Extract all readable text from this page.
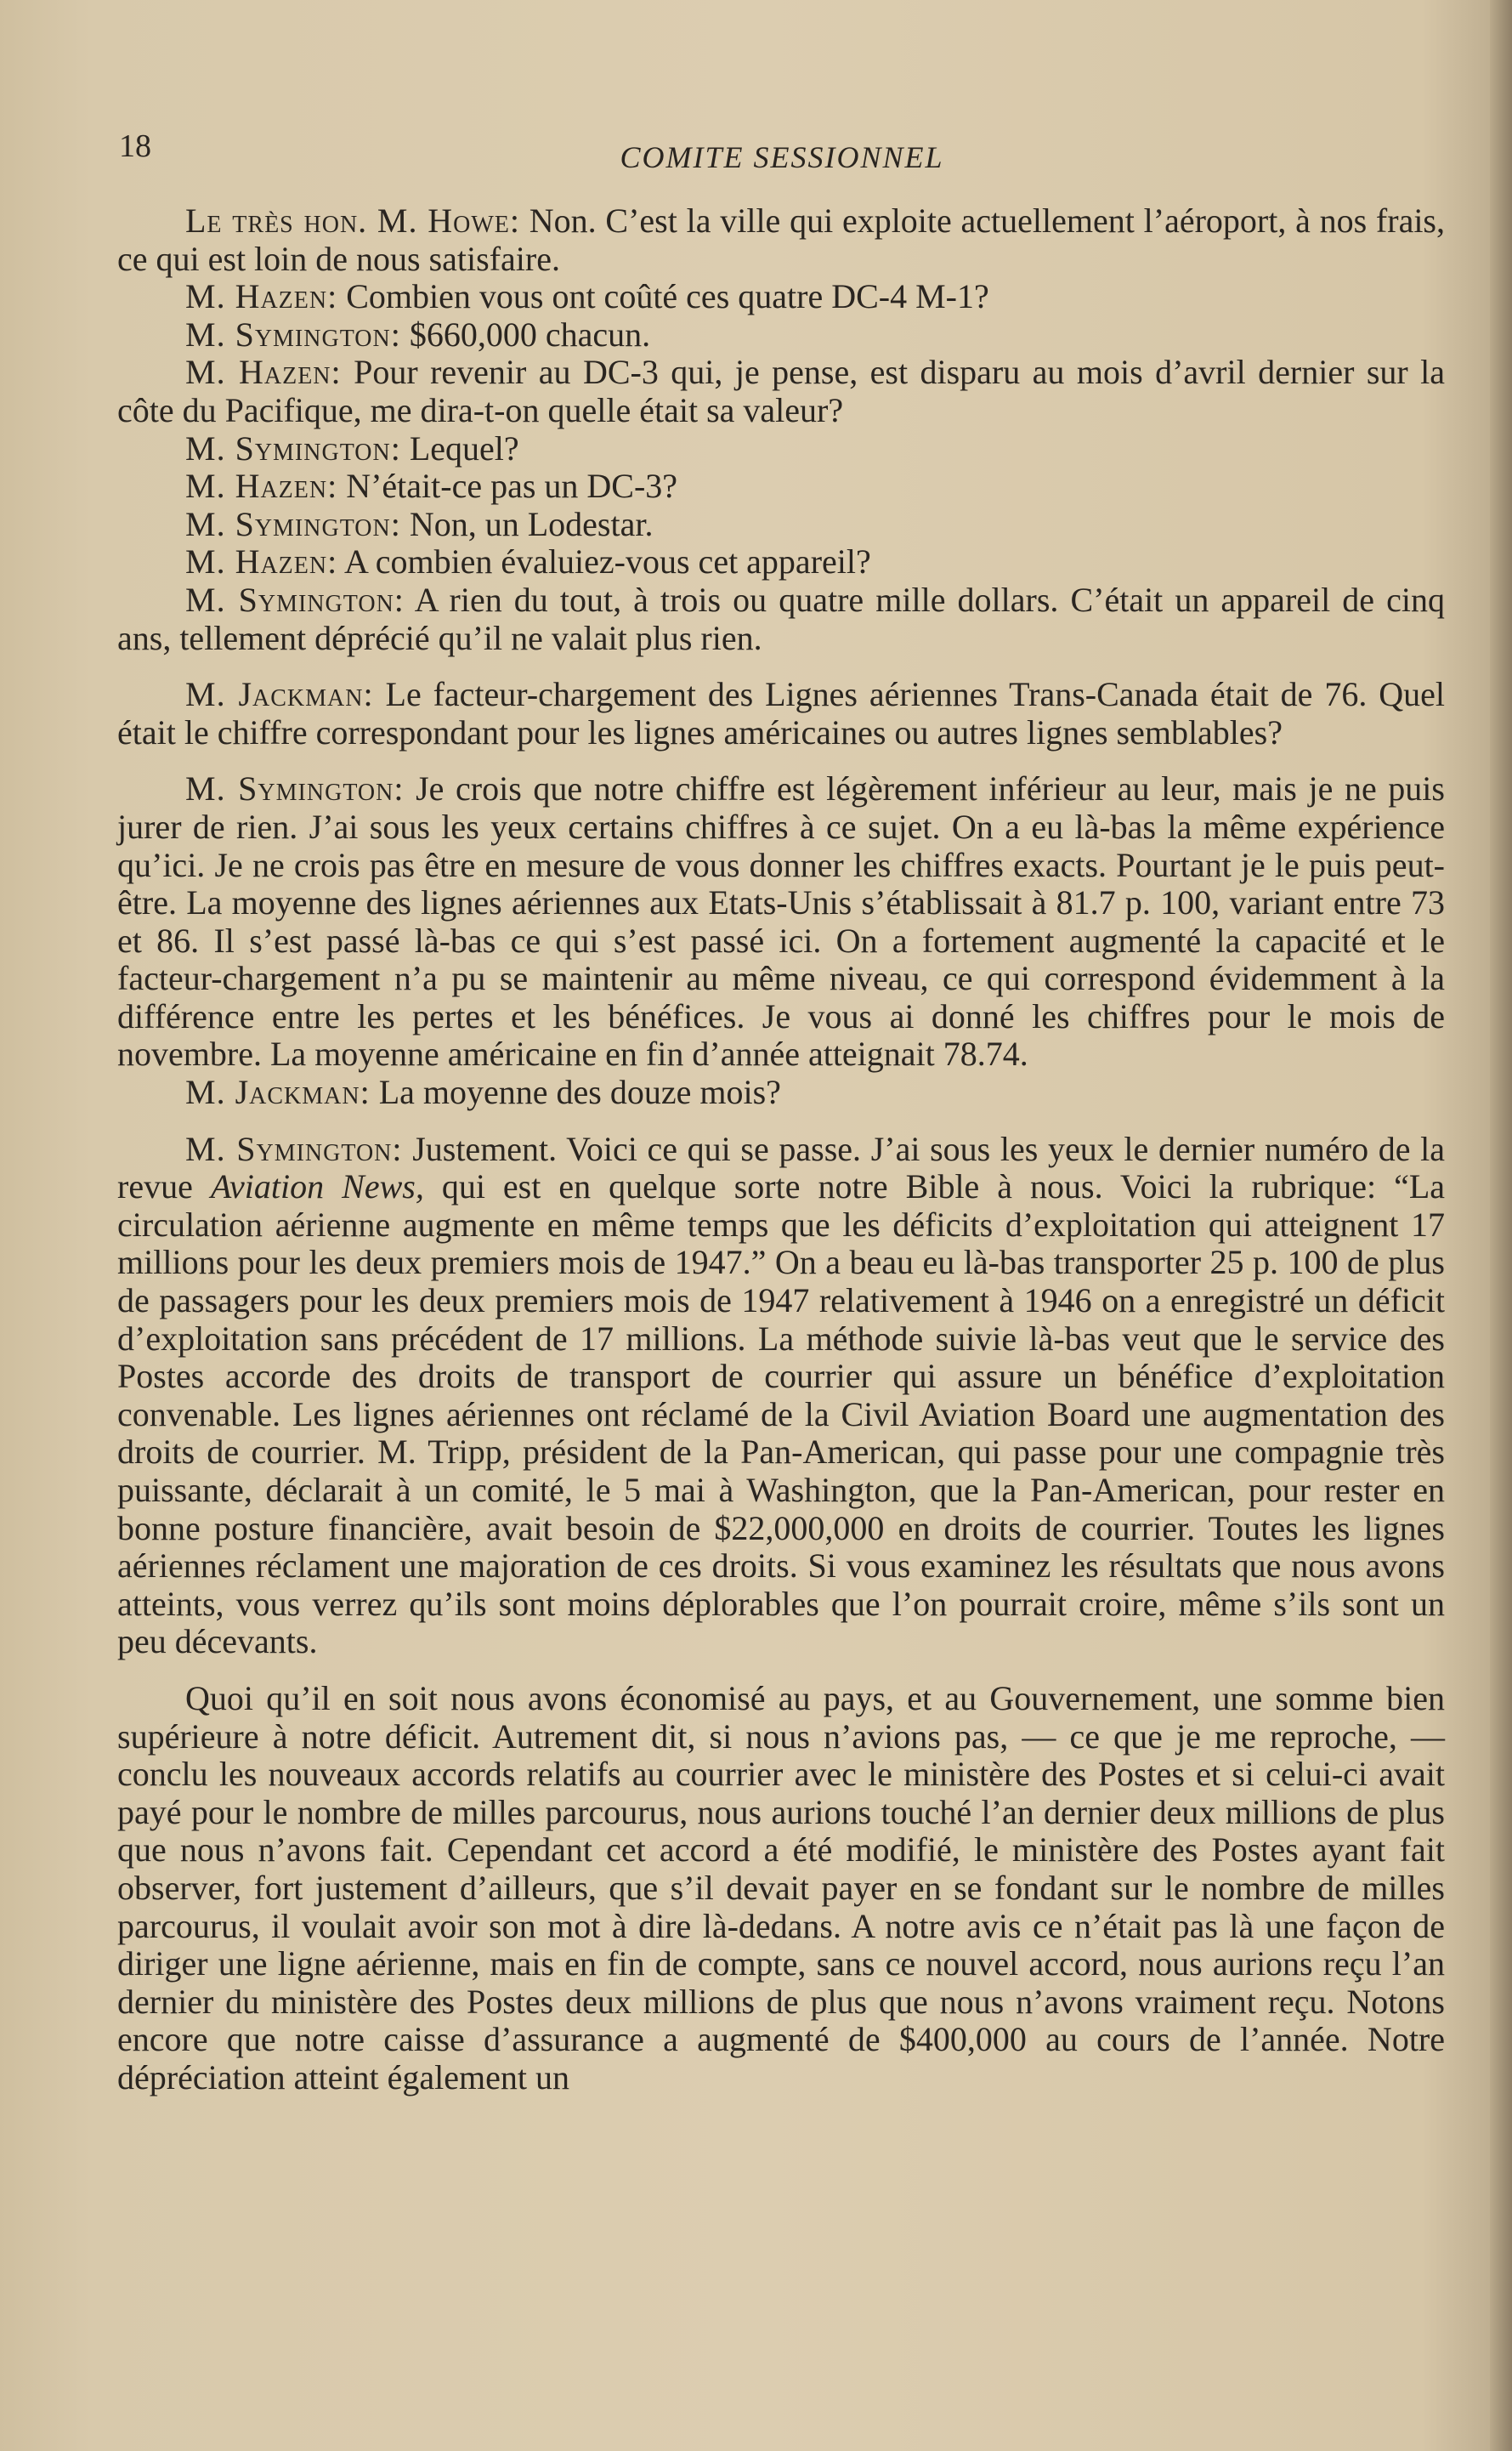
18	COMITE SESSIONNEL

Le très hon. M. Howe: Non. C’est la ville qui exploite actuellement l’aéroport, à nos frais, ce qui est loin de nous satisfaire.

M. Hazen: Combien vous ont coûté ces quatre DC-4 M-1?

M. Symington: $660,000 chacun.

M. Hazen: Pour revenir au DC-3 qui, je pense, est disparu au mois d’avril dernier sur la côte du Pacifique, me dira-t-on quelle était sa valeur?

M. Symington: Lequel?

M. Hazen: N’était-ce pas un DC-3?

M. Symington: Non, un Lodestar.

M. Hazen: A combien évaluiez-vous cet appareil?

M. Symington: A rien du tout, à trois ou quatre mille dollars. C’était un appareil de cinq ans, tellement déprécié qu’il ne valait plus rien.

M. Jackman: Le facteur-chargement des Lignes aériennes Trans-Canada était de 76. Quel était le chiffre correspondant pour les lignes américaines ou autres lignes semblables?

M. Symington: Je crois que notre chiffre est légèrement inférieur au leur, mais je ne puis jurer de rien. J’ai sous les yeux certains chiffres à ce sujet. On a eu là-bas la même expérience qu’ici. Je ne crois pas être en mesure de vous donner les chiffres exacts. Pourtant je le puis peut-être. La moyenne des lignes aériennes aux Etats-Unis s’établissait à 81.7 p. 100, variant entre 73 et 86. Il s’est passé là-bas ce qui s’est passé ici. On a fortement augmenté la capacité et le facteur-chargement n’a pu se maintenir au même niveau, ce qui correspond évidemment à la différence entre les pertes et les bénéfices. Je vous ai donné les chiffres pour le mois de novembre. La moyenne américaine en fin d’année atteignait 78.74.

M. Jackman: La moyenne des douze mois?

M. Symington: Justement. Voici ce qui se passe. J’ai sous les yeux le dernier numéro de la revue Aviation News, qui est en quelque sorte notre Bible à nous. Voici la rubrique: “La circulation aérienne augmente en même temps que les déficits d’exploitation qui atteignent 17 millions pour les deux premiers mois de 1947.” On a beau eu là-bas transporter 25 p. 100 de plus de passagers pour les deux premiers mois de 1947 relativement à 1946 on a enregistré un déficit d’exploitation sans précédent de 17 millions. La méthode suivie là-bas veut que le service des Postes accorde des droits de transport de courrier qui assure un bénéfice d’exploitation convenable. Les lignes aériennes ont réclamé de la Civil Aviation Board une augmentation des droits de courrier. M. Tripp, président de la Pan-American, qui passe pour une compagnie très puissante, déclarait à un comité, le 5 mai à Washington, que la Pan-American, pour rester en bonne posture financière, avait besoin de $22,000,000 en droits de courrier. Toutes les lignes aériennes réclament une majoration de ces droits. Si vous examinez les résultats que nous avons atteints, vous verrez qu’ils sont moins déplorables que l’on pourrait croire, même s’ils sont un peu décevants.

Quoi qu’il en soit nous avons économisé au pays, et au Gouvernement, une somme bien supérieure à notre déficit. Autrement dit, si nous n’avions pas, — ce que je me reproche, — conclu les nouveaux accords relatifs au courrier avec le ministère des Postes et si celui-ci avait payé pour le nombre de milles parcourus, nous aurions touché l’an dernier deux millions de plus que nous n’avons fait. Cependant cet accord a été modifié, le ministère des Postes ayant fait observer, fort justement d’ailleurs, que s’il devait payer en se fondant sur le nombre de milles parcourus, il voulait avoir son mot à dire là-dedans. A notre avis ce n’était pas là une façon de diriger une ligne aérienne, mais en fin de compte, sans ce nouvel accord, nous aurions reçu l’an dernier du ministère des Postes deux millions de plus que nous n’avons vraiment reçu. Notons encore que notre caisse d’assurance a augmenté de $400,000 au cours de l’année. Notre dépréciation atteint également un
